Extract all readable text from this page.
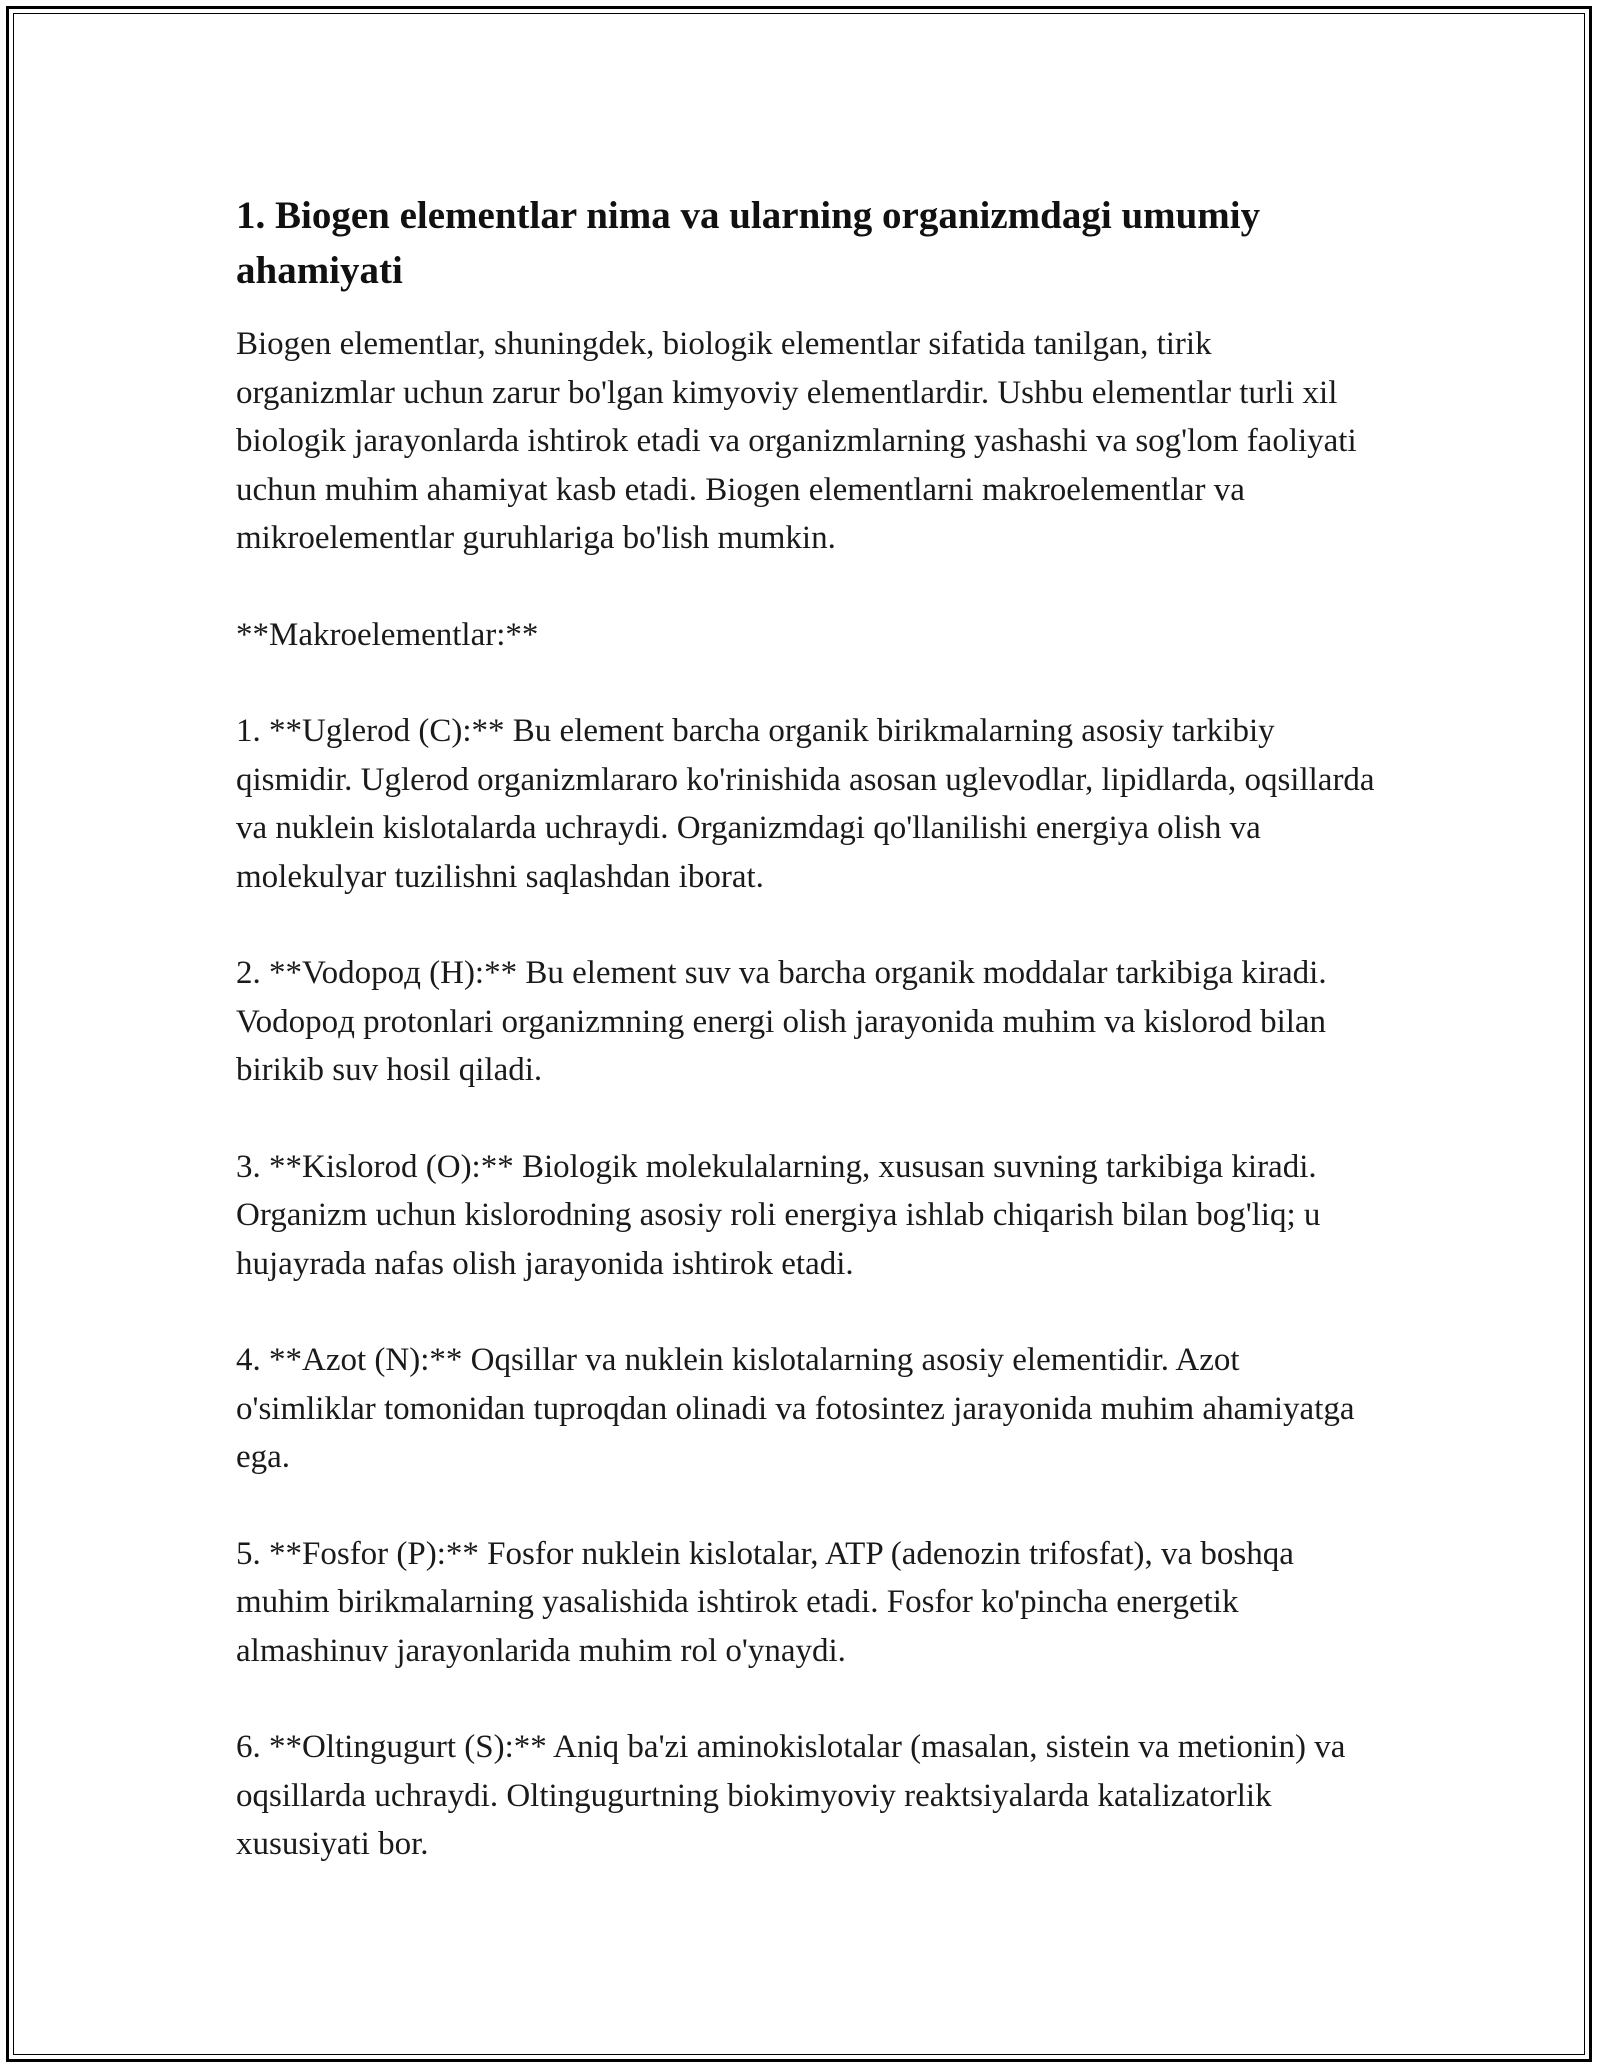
1. Biogen elementlar nima va ularning organizmdagi umumiy ahamiyati

Biogen elementlar, shuningdek, biologik elementlar sifatida tanilgan, tirik organizmlar uchun zarur bo'lgan kimyoviy elementlardir. Ushbu elementlar turli xil biologik jarayonlarda ishtirok etadi va organizmlarning yashashi va sog'lom faoliyati uchun muhim ahamiyat kasb etadi. Biogen elementlarni makroelementlar va mikroelementlar guruhlariga bo'lish mumkin.

**Makroelementlar:**

1. **Uglerod (C):** Bu element barcha organik birikmalarning asosiy tarkibiy qismidir. Uglerod organizmlararo ko'rinishida asosan uglevodlar, lipidlarda, oqsillarda va nuklein kislotalarda uchraydi. Organizmdagi qo'llanilishi energiya olish va molekulyar tuzilishni saqlashdan iborat.

2. **Vodopoд (H):** Bu element suv va barcha organik moddalar tarkibiga kiradi. Vodopoд protonlari organizmning energi olish jarayonida muhim va kislorod bilan birikib suv hosil qiladi.

3. **Kislorod (O):** Biologik molekulalarning, xususan suvning tarkibiga kiradi. Organizm uchun kislorodning asosiy roli energiya ishlab chiqarish bilan bog'liq; u hujayrada nafas olish jarayonida ishtirok etadi.

4. **Azot (N):** Oqsillar va nuklein kislotalarning asosiy elementidir. Azot o'simliklar tomonidan tuproqdan olinadi va fotosintez jarayonida muhim ahamiyatga ega.

5. **Fosfor (P):** Fosfor nuklein kislotalar, ATP (adenozin trifosfat), va boshqa muhim birikmalarning yasalishida ishtirok etadi. Fosfor ko'pincha energetik almashinuv jarayonlarida muhim rol o'ynaydi.

6. **Oltingugurt (S):** Aniq ba'zi aminokislotalar (masalan, sistein va metionin) va oqsillarda uchraydi. Oltingugurtning biokimyoviy reaktsiyalarda katalizatorlik xususiyati bor.
